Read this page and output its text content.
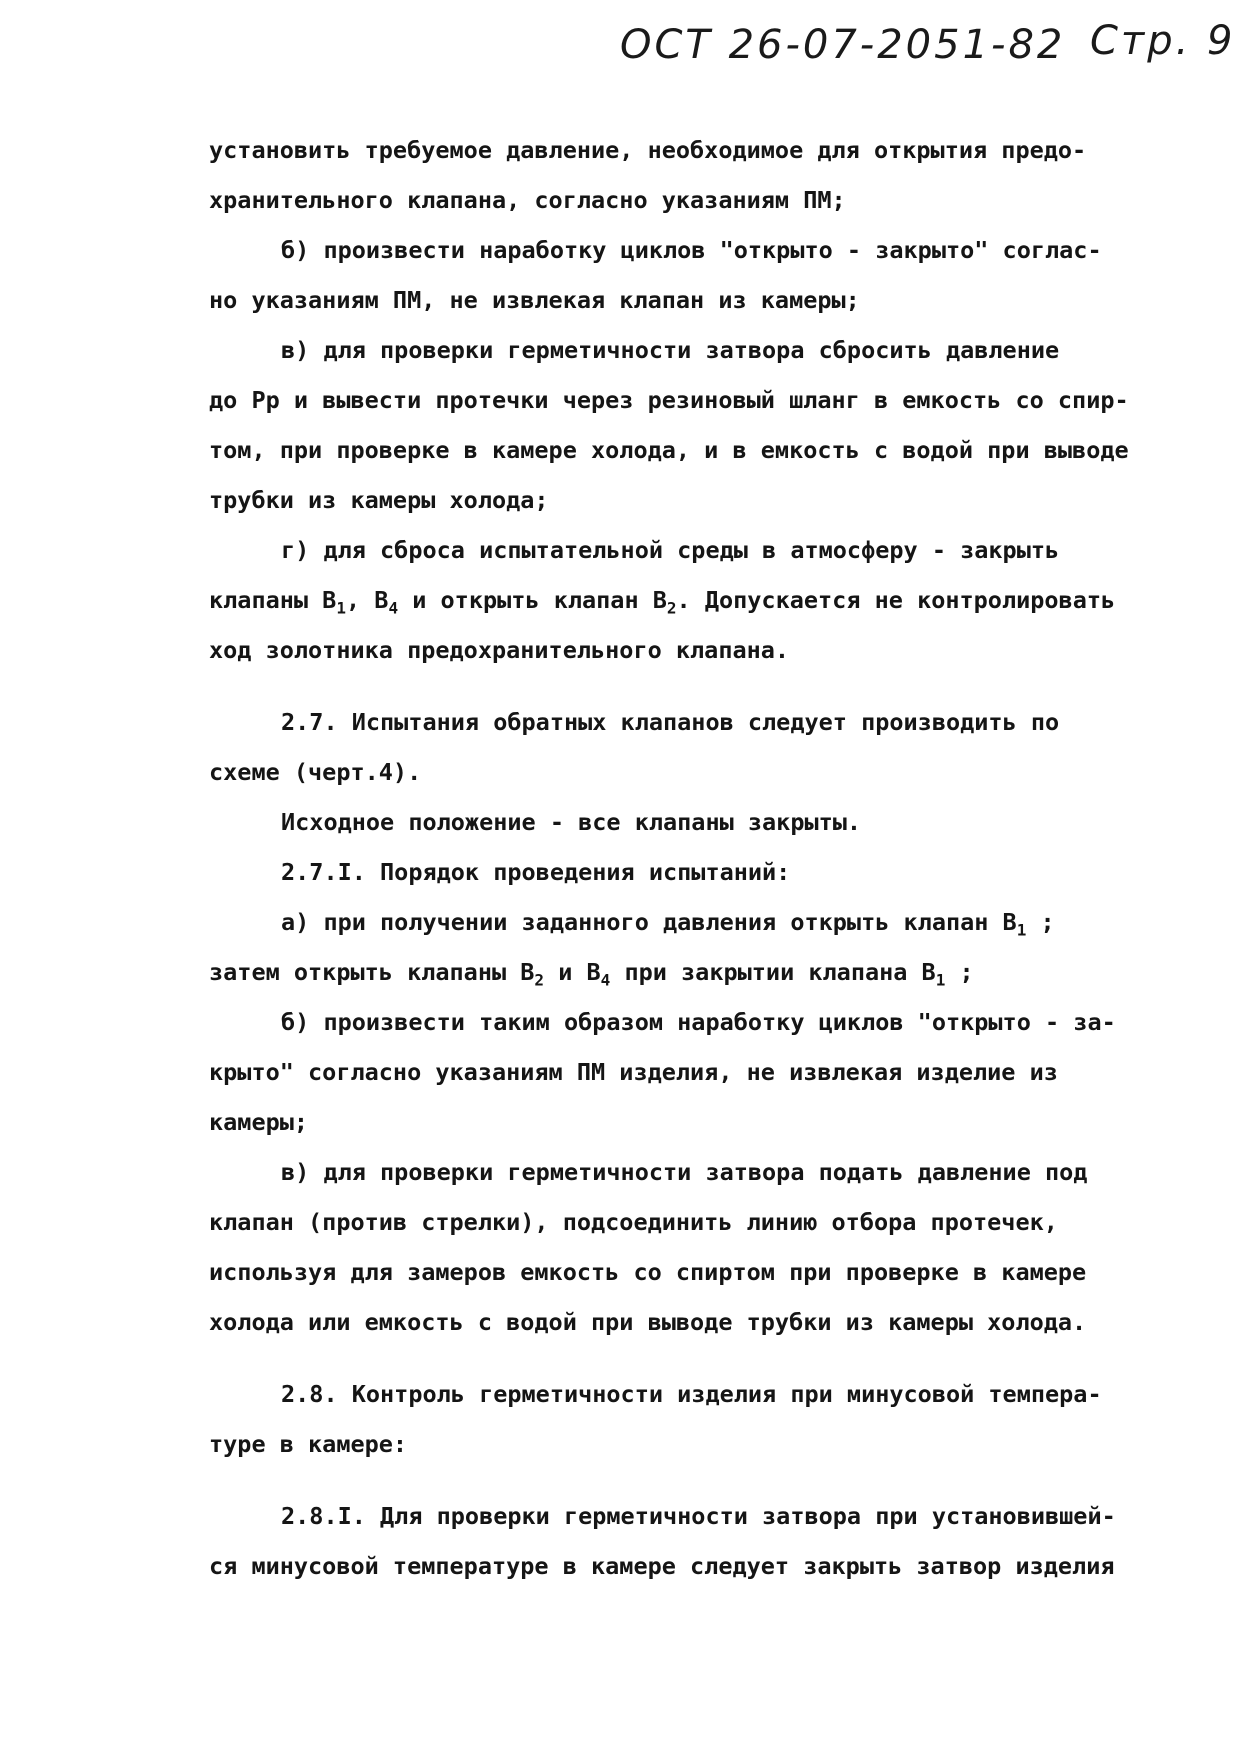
ОСТ 26-07-2051-82 Стр. 9
установить требуемое давление, необходимое для открытия предо-
хранительного клапана, согласно указаниям ПМ;
б) произвести наработку циклов "открыто - закрыто" соглас-
но указаниям ПМ, не извлекая клапан из камеры;
в) для проверки герметичности затвора сбросить давление
до Рр и вывести протечки через резиновый шланг в емкость со спир-
том, при проверке в камере холода, и в емкость с водой при выводе
трубки из камеры холода;
г) для сброса испытательной среды в атмосферу - закрыть
клапаны $В_1$, $В_4$ и открыть клапан $В_2$. Допускается не контролировать
ход золотника предохранительного клапана.
2.7. Испытания обратных клапанов следует производить по
схеме (черт.4).
Исходное положение - все клапаны закрыты.
2.7.I. Порядок проведения испытаний:
а) при получении заданного давления открыть клапан $В_1$ ;
затем открыть клапаны $В_2$ и $В_4$ при закрытии клапана $В_1$ ;
б) произвести таким образом наработку циклов "открыто - за-
крыто" согласно указаниям ПМ изделия, не извлекая изделие из
камеры;
в) для проверки герметичности затвора подать давление под
клапан (против стрелки), подсоединить линию отбора протечек,
используя для замеров емкость со спиртом при проверке в камере
холода или емкость с водой при выводе трубки из камеры холода.
2.8. Контроль герметичности изделия при минусовой темпера-
туре в камере:
2.8.I. Для проверки герметичности затвора при установившей-
ся минусовой температуре в камере следует закрыть затвор изделия
